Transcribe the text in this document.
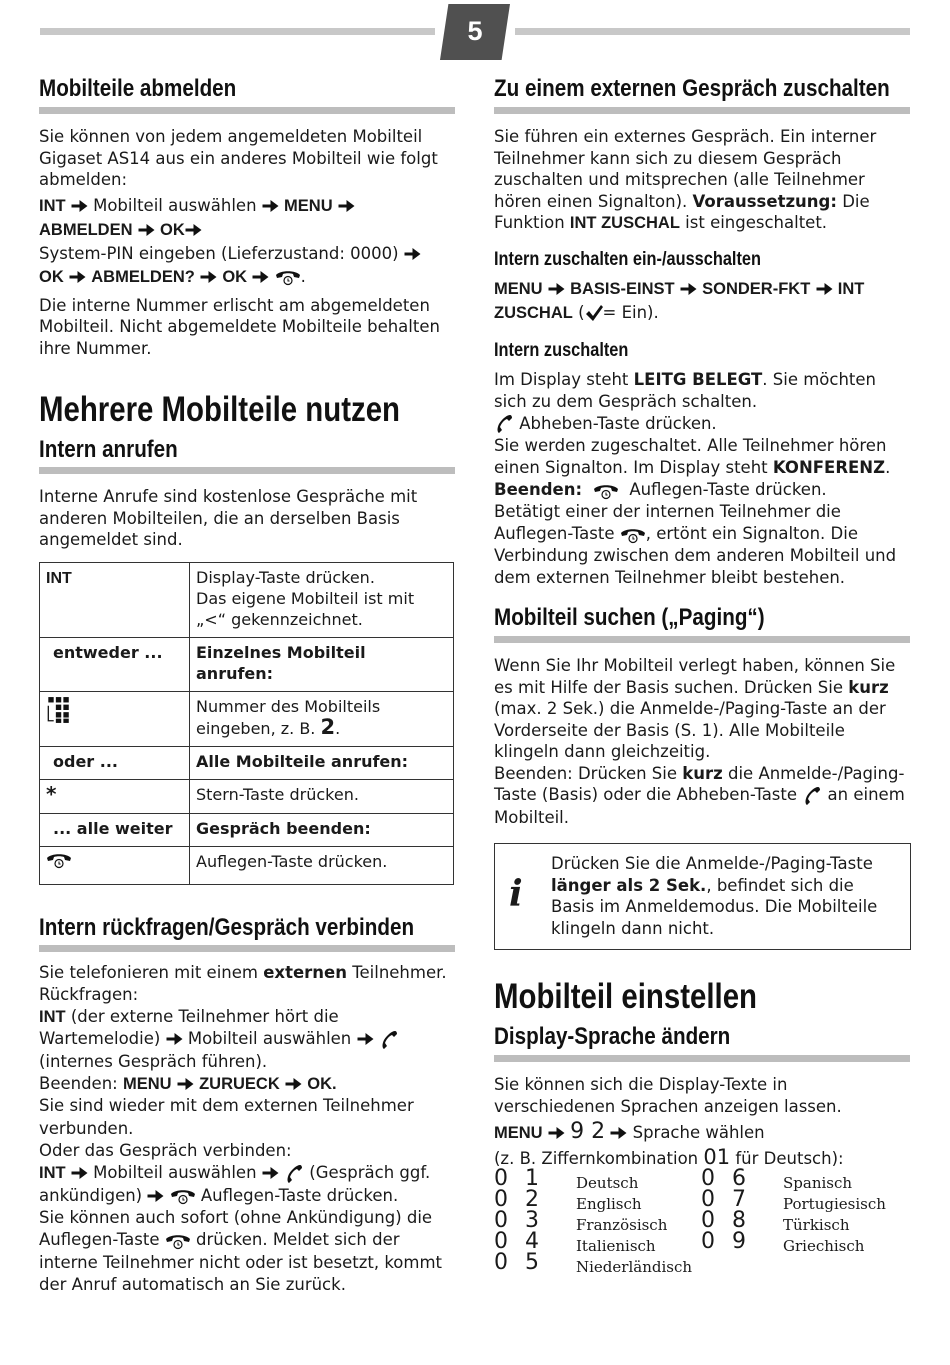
5
Mobilteile abmelden

Sie können von jedem angemeldeten Mobilteil Gigaset AS14 aus ein anderes Mobilteil wie folgt abmelden:

INT Mobilteil auswählen MENU
ABMELDEN OK
System-PIN eingeben (Lieferzustand: 0000)
OK ABMELDEN? OK	.

Die interne Nummer erlischt am abgemeldeten Mobilteil. Nicht abgemeldete Mobilteile behalten ihre Nummer.

Mehrere Mobilteile nutzen
Intern anrufen

Interne Anrufe sind kostenlose Gespräche mit anderen Mobilteilen, die an derselben Basis angemeldet sind.

INT	Display-Taste drücken.
Das eigene Mobilteil ist mit „<“ gekennzeichnet.
entweder ...	Einzelnes Mobilteil anrufen:
	Nummer des Mobilteils eingeben, z. B. 2.
oder ...	Alle Mobilteile anrufen:
*	Stern-Taste drücken.
... alle weiter	Gespräch beenden:
	Auflegen-Taste drücken.
Intern rückfragen/Gespräch verbinden

Sie telefonieren mit einem externen Teilnehmer.
Rückfragen:
INT (der externe Teilnehmer hört die Wartemelodie) Mobilteil auswählen   (internes Gespräch führen).
Beenden: MENU ZURUECK OK.
Sie sind wieder mit dem externen Teilnehmer verbunden.
Oder das Gespräch verbinden:
INT Mobilteil auswählen	(Gespräch ggf. ankündigen)	Auflegen-Taste drücken.
Sie können auch sofort (ohne Ankündigung) die Auflegen-Taste drücken. Meldet sich der interne Teilnehmer nicht oder ist besetzt, kommt der Anruf automatisch an Sie zurück.

Zu einem externen Gespräch zuschalten

Sie führen ein externes Gespräch. Ein interner Teilnehmer kann sich zu diesem Gespräch zuschalten und mitsprechen (alle Teilnehmer hören einen Signalton). Voraussetzung: Die Funktion INT ZUSCHAL ist eingeschaltet.

Intern zuschalten ein-/ausschalten

MENU BASIS-EINST SONDER-FKT INT ZUSCHAL ( = Ein).

Intern zuschalten

Im Display steht LEITG BELEGT. Sie möchten sich zu dem Gespräch schalten.
Abheben-Taste drücken.
Sie werden zugeschaltet. Alle Teilnehmer hören einen Signalton. Im Display steht KONFERENZ.
Beenden:	Auflegen-Taste drücken.
Betätigt einer der internen Teilnehmer die Auflegen-Taste , ertönt ein Signalton. Die Verbindung zwischen dem anderen Mobilteil und dem externen Teilnehmer bleibt bestehen.

Mobilteil suchen („Paging“)

Wenn Sie Ihr Mobilteil verlegt haben, können Sie es mit Hilfe der Basis suchen. Drücken Sie kurz (max. 2 Sek.) die Anmelde-/Paging-Taste an der Vorderseite der Basis (S. 1). Alle Mobilteile klingeln dann gleichzeitig.
Beenden: Drücken Sie kurz die Anmelde-/Paging-Taste (Basis) oder die Abheben-Taste an einem Mobilteil.

i

Drücken Sie die Anmelde-/Paging-Taste länger als 2 Sek., befindet sich die Basis im Anmeldemodus. Die Mobilteile klingeln dann nicht.

Mobilteil einstellen
Display-Sprache ändern

Sie können sich die Display-Texte in verschiedenen Sprachen anzeigen lassen.

MENU 9 2 Sprache wählen
(z. B. Ziffernkombination 01 für Deutsch):

0 1 Deutsch
0 2 Englisch
0 3 Französisch
0 4 Italienisch
0 5 Niederländisch
0 6 Spanisch
0 7 Portugiesisch
0 8 Türkisch
0 9 Griechisch
